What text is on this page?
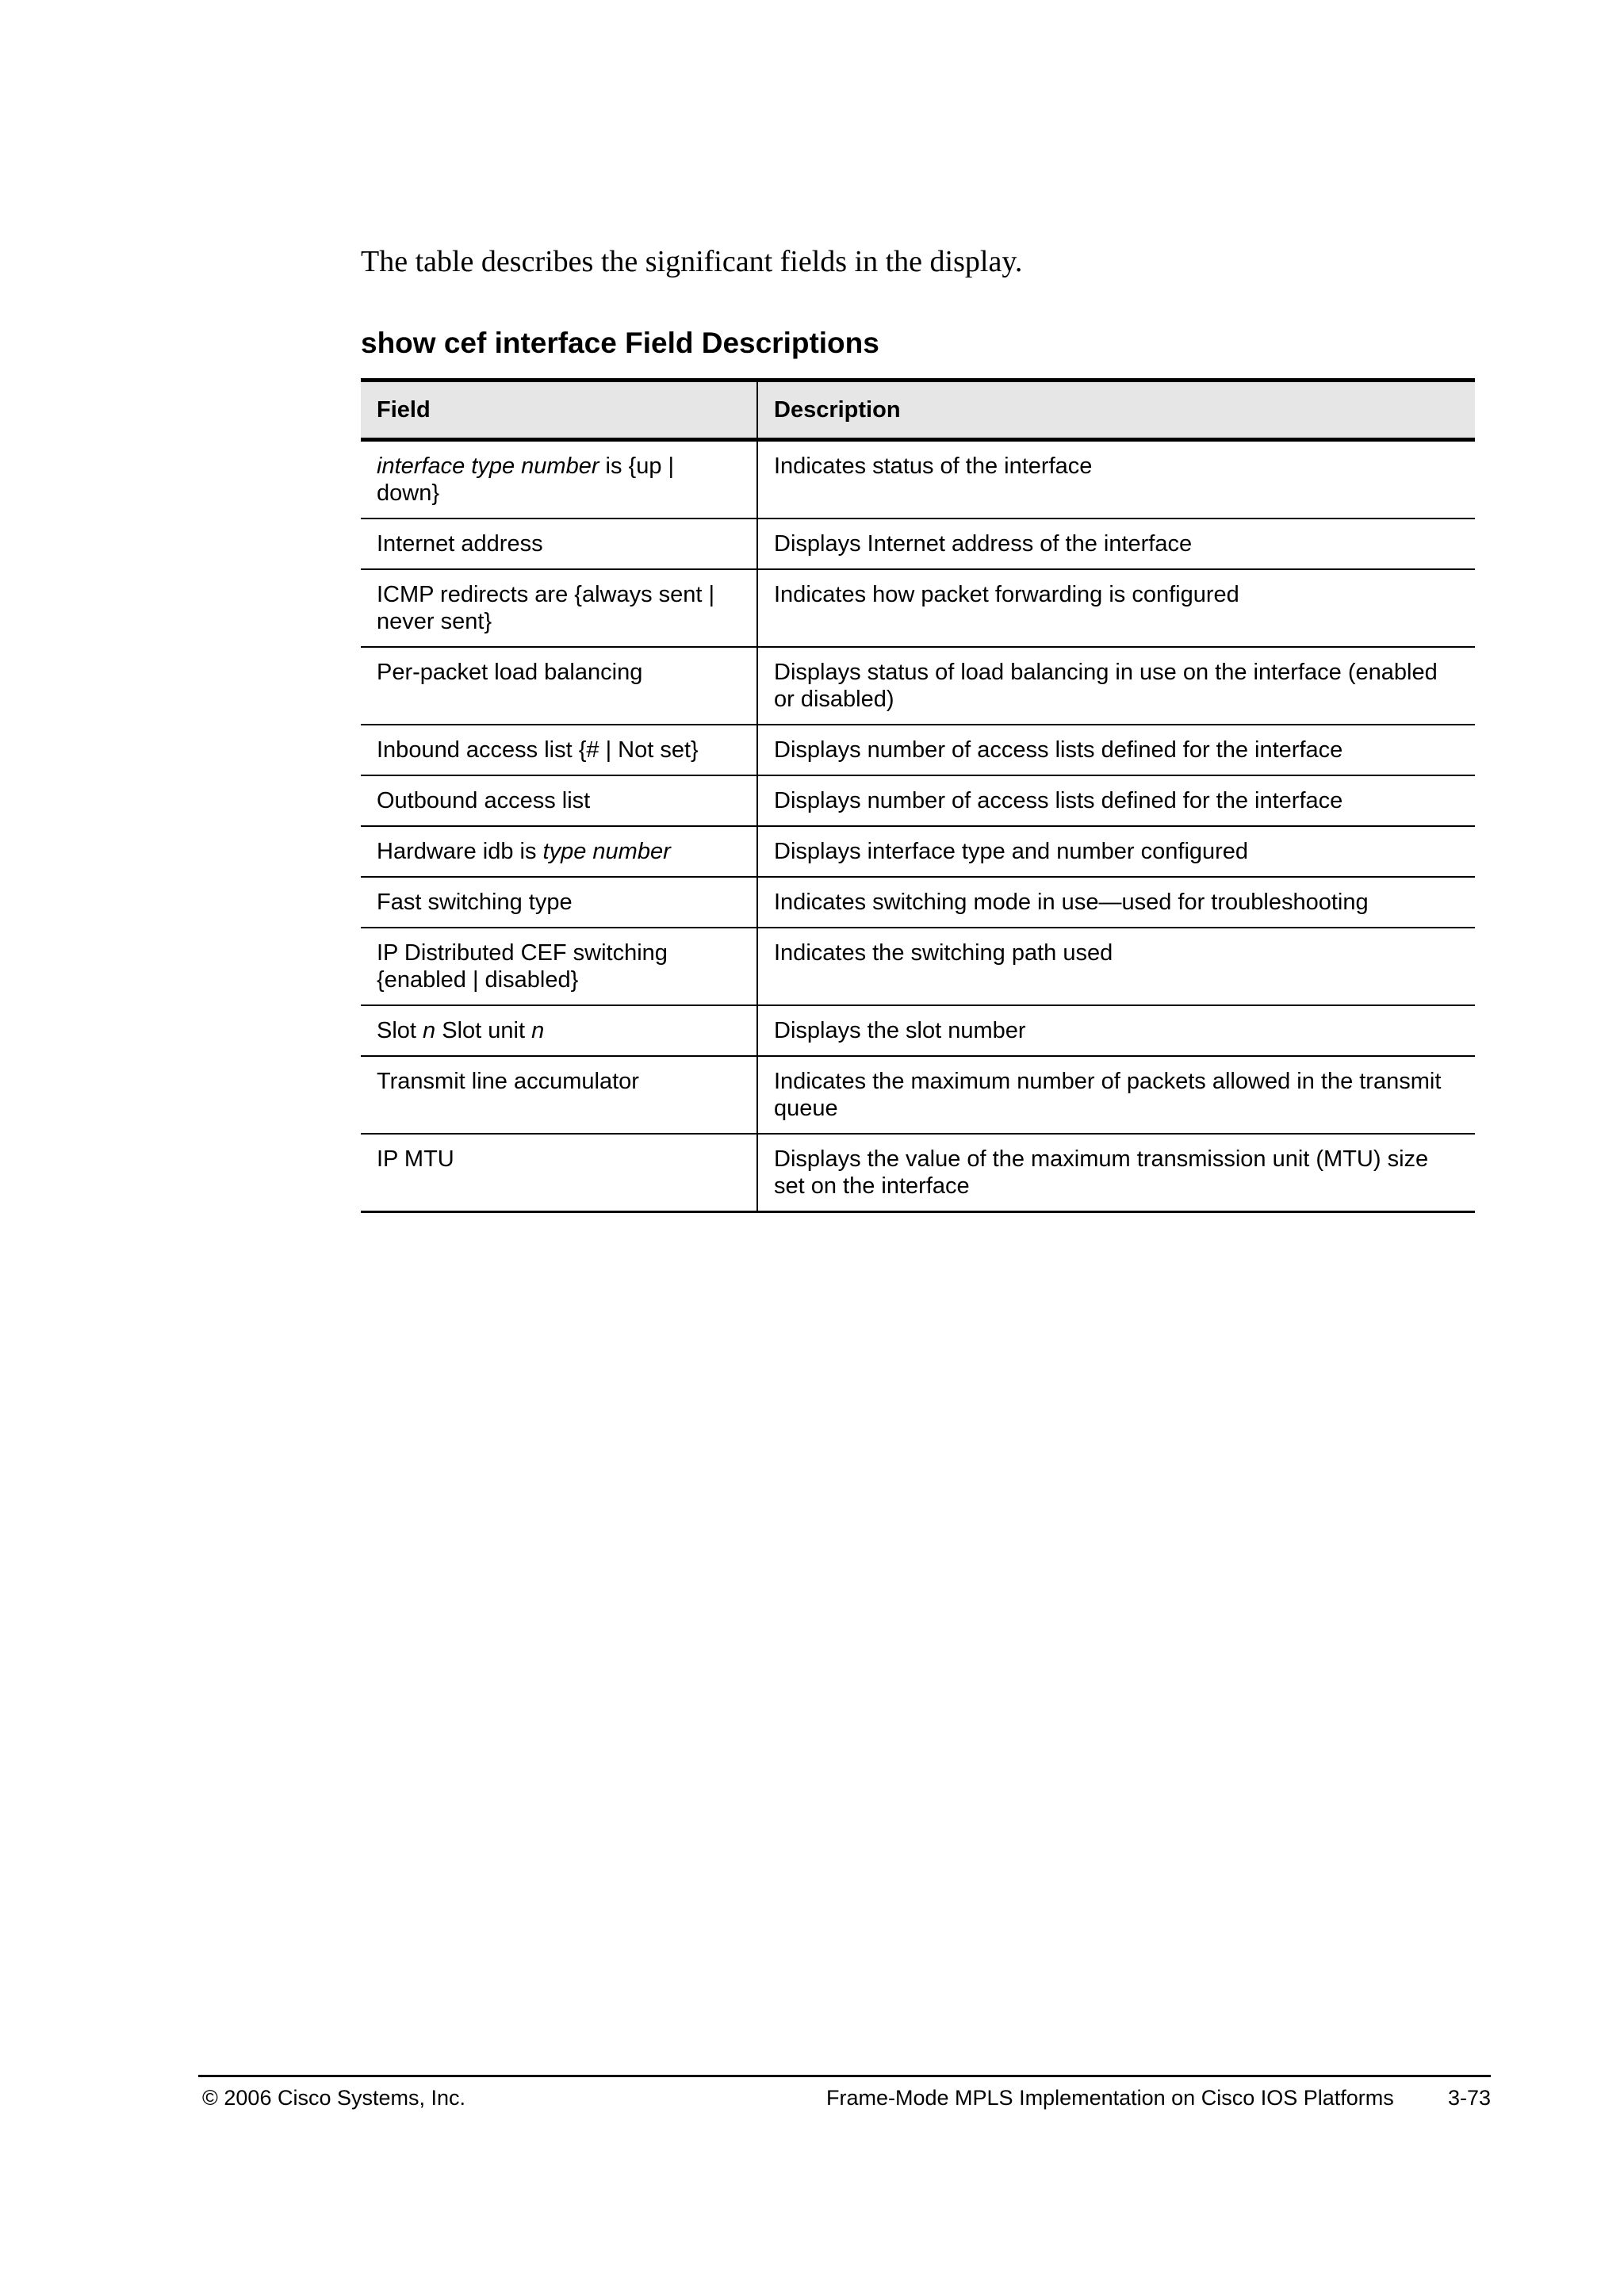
The table describes the significant fields in the display.

show cef interface Field Descriptions
Field	Description
interface type number is {up | down}	Indicates status of the interface
Internet address	Displays Internet address of the interface
ICMP redirects are {always sent | never sent}	Indicates how packet forwarding is configured
Per-packet load balancing	Displays status of load balancing in use on the interface (enabled or disabled)
Inbound access list {# | Not set}	Displays number of access lists defined for the interface
Outbound access list	Displays number of access lists defined for the interface
Hardware idb is type number	Displays interface type and number configured
Fast switching type	Indicates switching mode in use—used for troubleshooting
IP Distributed CEF switching {enabled | disabled}	Indicates the switching path used
Slot n Slot unit n	Displays the slot number
Transmit line accumulator	Indicates the maximum number of packets allowed in the transmit queue
IP MTU	Displays the value of the maximum transmission unit (MTU) size set on the interface

© 2006 Cisco Systems, Inc.	Frame-Mode MPLS Implementation on Cisco IOS Platforms	3-73
